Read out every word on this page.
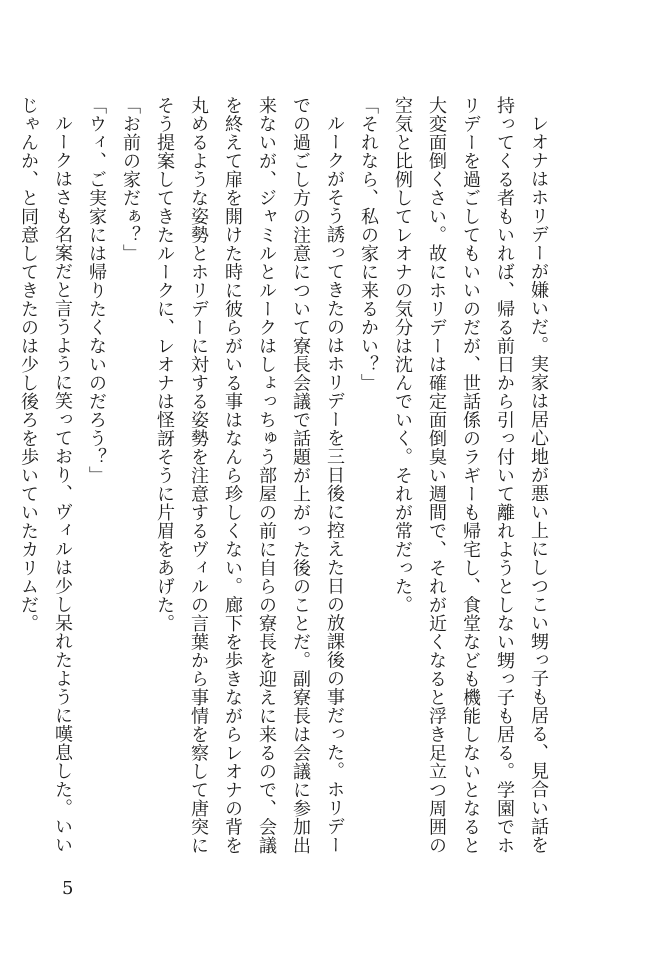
レオナはホリデーが嫌いだ。実家は居心地が悪い上にしつこい甥っ子も居る、見合い話を持ってくる者もいれば、帰る前日から引っ付いて離れようとしない甥っ子も居る。学園でホリデーを過ごしてもいいのだが、世話係のラギーも帰宅し、食堂なども機能しないとなると大変面倒くさい。故にホリデーは確定面倒臭い週間で、それが近くなると浮き足立つ周囲の空気と比例してレオナの気分は沈んでいく。それが常だった。

「それなら、私の家に来るかい？」

ルークがそう誘ってきたのはホリデーを三日後に控えた日の放課後の事だった。ホリデーでの過ごし方の注意について寮長会議で話題が上がった後のことだ。副寮長は会議に参加出来ないが、ジャミルとルークはしょっちゅう部屋の前に自らの寮長を迎えに来るので、会議を終えて扉を開けた時に彼らがいる事はなんら珍しくない。廊下を歩きながらレオナの背を丸めるような姿勢とホリデーに対する姿勢を注意するヴィルの言葉から事情を察して唐突にそう提案してきたルークに、レオナは怪訝そうに片眉をあげた。

「お前の家だぁ？」

「ウィ、ご実家には帰りたくないのだろう？」

ルークはさも名案だと言うように笑っており、ヴィルは少し呆れたように嘆息した。いいじゃんか、と同意してきたのは少し後ろを歩いていたカリムだ。

5
